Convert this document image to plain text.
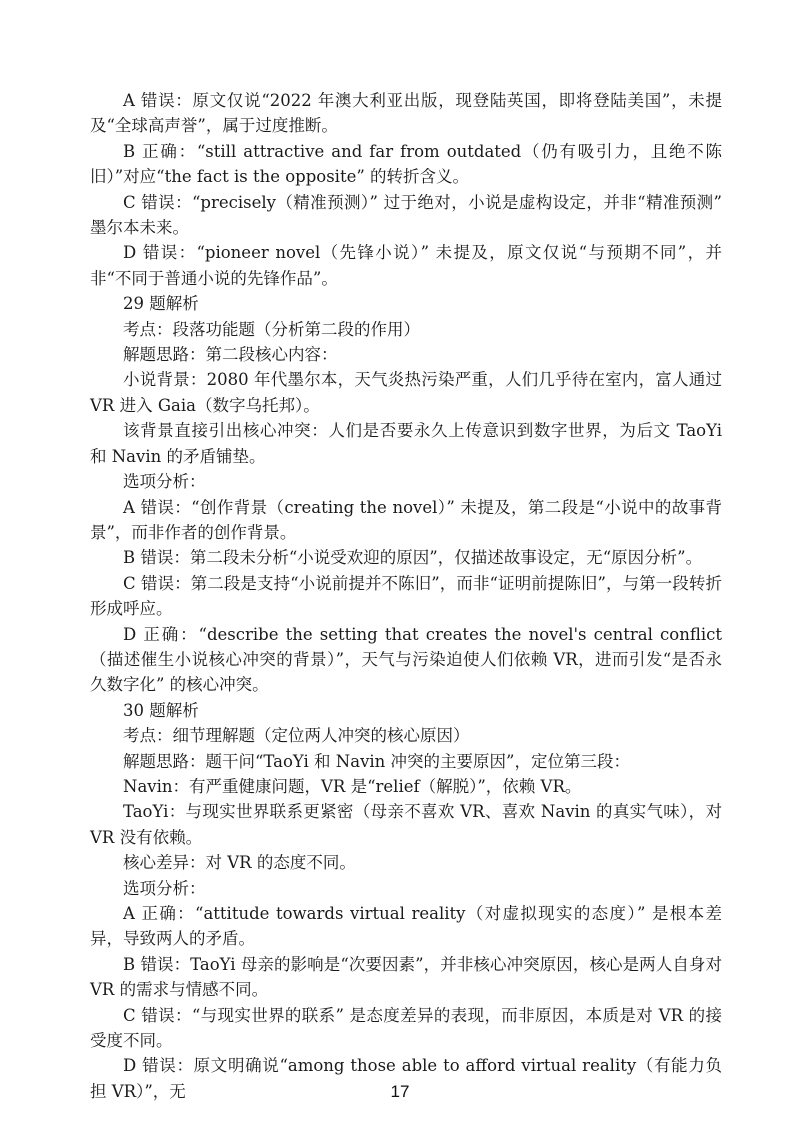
A 错误：原文仅说“2022 年澳大利亚出版，现登陆英国，即将登陆美国”，未提及“全球高声誉”，属于过度推断。

B 正确：“still attractive and far from outdated（仍有吸引力，且绝不陈旧）”对应“the fact is the opposite” 的转折含义。

C 错误：“precisely（精准预测）” 过于绝对，小说是虚构设定，并非“精准预测” 墨尔本未来。

D 错误：“pioneer novel（先锋小说）” 未提及，原文仅说“与预期不同”，并非“不同于普通小说的先锋作品”。

29 题解析

考点：段落功能题（分析第二段的作用）

解题思路：第二段核心内容：

小说背景：2080 年代墨尔本，天气炎热污染严重，人们几乎待在室内，富人通过 VR 进入 Gaia（数字乌托邦）。

该背景直接引出核心冲突：人们是否要永久上传意识到数字世界，为后文 TaoYi 和 Navin 的矛盾铺垫。

选项分析：

A 错误：“创作背景（creating the novel）” 未提及，第二段是“小说中的故事背景”，而非作者的创作背景。

B 错误：第二段未分析“小说受欢迎的原因”，仅描述故事设定，无“原因分析”。

C 错误：第二段是支持“小说前提并不陈旧”，而非“证明前提陈旧”，与第一段转折形成呼应。

D 正确：“describe the setting that creates the novel's central conflict（描述催生小说核心冲突的背景）”，天气与污染迫使人们依赖 VR，进而引发“是否永久数字化” 的核心冲突。

30 题解析

考点：细节理解题（定位两人冲突的核心原因）

解题思路：题干问“TaoYi 和 Navin 冲突的主要原因”，定位第三段：

Navin：有严重健康问题，VR 是“relief（解脱）”，依赖 VR。

TaoYi：与现实世界联系更紧密（母亲不喜欢 VR、喜欢 Navin 的真实气味），对 VR 没有依赖。

核心差异：对 VR 的态度不同。

选项分析：

A 正确：“attitude towards virtual reality（对虚拟现实的态度）” 是根本差异，导致两人的矛盾。

B 错误：TaoYi 母亲的影响是“次要因素”，并非核心冲突原因，核心是两人自身对 VR 的需求与情感不同。

C 错误：“与现实世界的联系” 是态度差异的表现，而非原因，本质是对 VR 的接受度不同。

D 错误：原文明确说“among those able to afford virtual reality（有能力负担 VR）”，无	17
